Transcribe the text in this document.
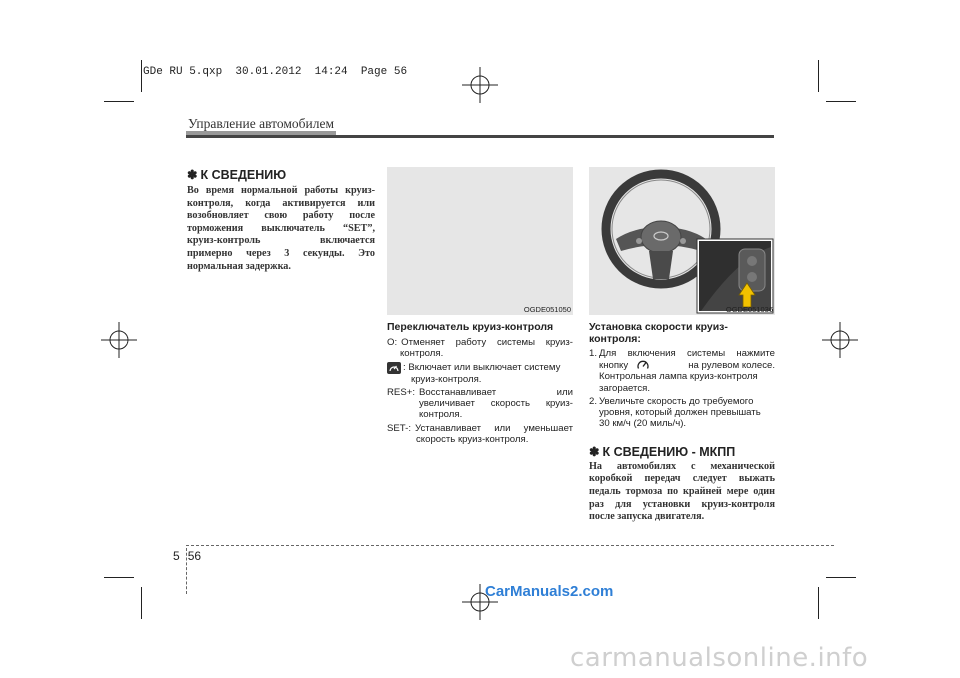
GDe RU 5.qxp  30.01.2012  14:24  Page 56
Управление автомобилем
✽ К СВЕДЕНИЮ
Во время нормальной работы круиз-
контроля, когда активируется или
возобновляет свою работу после
торможения выключатель “SET”,
круиз-контроль включается
примерно через 3 секунды. Это
нормальная задержка.
OGDE051050
Переключатель круиз-контроля
O: Отменяет работу системы круиз-
контроля.
: Включает или выключает систему
круиз-контроля.
RES+: Восстанавливает или
увеличивает скорость круиз-
контроля.
SET-: Устанавливает или уменьшает
скорость круиз-контроля.
OGDE051036
Установка скорости круиз-
контроля:
1. Для включения системы нажмите
кнопку	на рулевом колесе.
Контрольная лампа круиз-контроля
загорается.
2. Увеличьте скорость до требуемого
уровня, который должен превышать
30 км/ч (20 миль/ч).
✽ К СВЕДЕНИЮ - МКПП
На автомобилях с механической
коробкой передач следует выжать
педаль тормоза по крайней мере один
раз для установки круиз-контроля
после запуска двигателя.
5 56
CarManuals2.com
carmanualsonline.info
